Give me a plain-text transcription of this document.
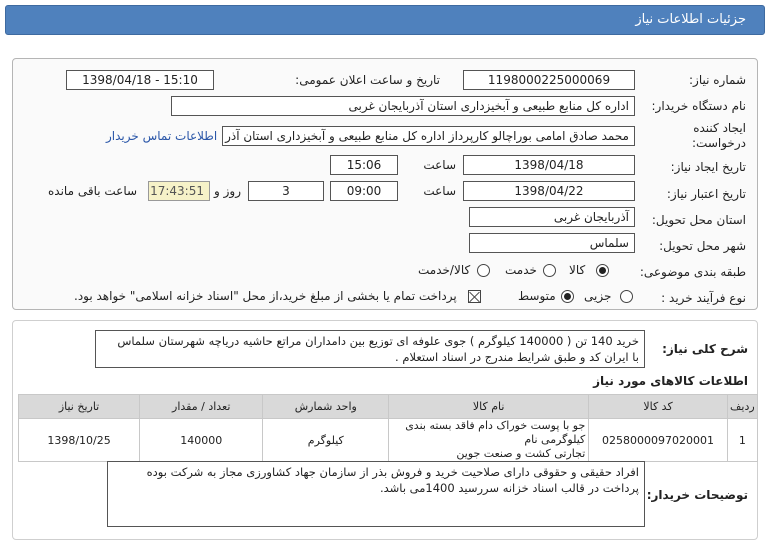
جزئیات اطلاعات نیاز
شماره نیاز:
1198000225000069
تاریخ و ساعت اعلان عمومی:
1398/04/18 - 15:10
نام دستگاه خریدار:
اداره کل منابع طبیعی و آبخیزداری استان آذربایجان غربی
ایجاد کننده
درخواست:
محمد صادق امامی بوراچالو کارپرداز اداره کل منابع طبیعی و آبخیزداری استان آذر
اطلاعات تماس خریدار
تاریخ ایجاد نیاز:
1398/04/18
ساعت
15:06
تاریخ اعتبار نیاز:
1398/04/22
ساعت
09:00
3
روز و
17:43:51
ساعت باقی مانده
استان محل تحویل:
آذربایجان غربی
شهر محل تحویل:
سلماس
طبقه بندی موضوعی:
کالا
خدمت
کالا/خدمت
نوع فرآیند خرید :
جزیی
متوسط
پرداخت تمام یا بخشی از مبلغ خرید،از محل "اسناد خزانه اسلامی" خواهد بود.
شرح کلی نیاز:
خرید 140 تن ( 140000 کیلوگرم ) جوی علوفه ای توزیع بین دامداران مراتع حاشیه دریاچه شهرستان سلماس
با ایران کد و طبق شرایط مندرج در اسناد استعلام .
اطلاعات کالاهای مورد نیاز
ردیف	کد کالا	نام کالا	واحد شمارش	تعداد / مقدار	تاریخ نیاز
1	0258000097020001	جو با پوست خوراک دام فاقد بسته بندی کیلوگرمی نام
تجارتی کشت و صنعت جوین	کیلوگرم	140000	1398/10/25
توضیحات خریدار:
افراد حقیقی و حقوقی دارای صلاحیت خرید و فروش بذر از سازمان جهاد کشاورزی مجاز به شرکت بوده
پرداخت در قالب اسناد خزانه سررسید 1400می باشد.
